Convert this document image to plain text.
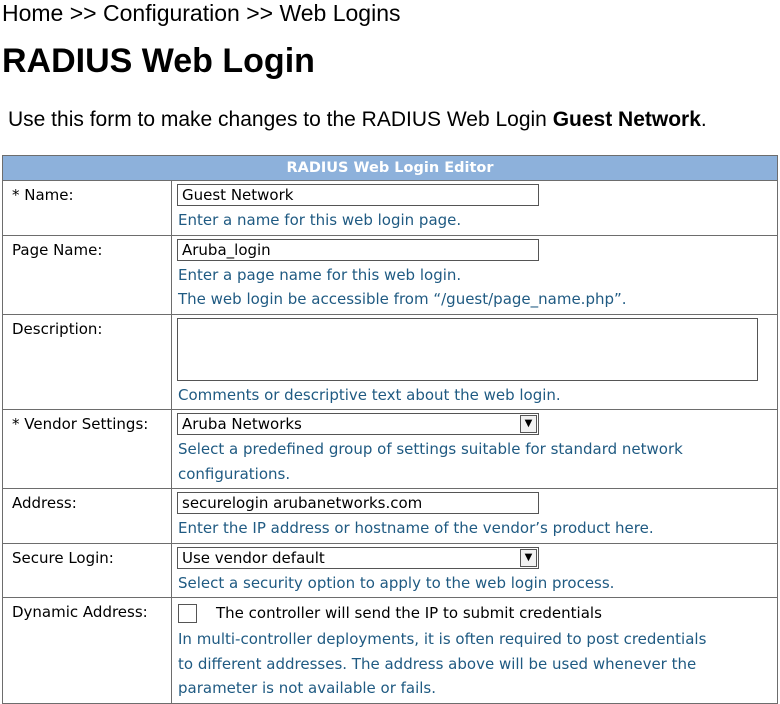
Home >> Configuration >> Web Logins
RADIUS Web Login
Use this form to make changes to the RADIUS Web Login Guest Network.
RADIUS Web Login Editor	
* Name:	
Guest Network
Enter a name for this web login page.

Page Name:	
Aruba_login
Enter a page name for this web login.
The web login be accessible from “/guest/page_name.php”.

Description:	Comments or descriptive text about the web login.

* Vendor Settings:	Aruba Networks ▼
Select a predefined group of settings suitable for standard network
configurations.

Address:	
securelogin arubanetworks.com
Enter the IP address or hostname of the vendor’s product here.

Secure Login:	Use vendor default ▼
Select a security option to apply to the web login process.

Dynamic Address:	The controller will send the IP to submit credentials
In multi-controller deployments, it is often required to post credentials
to different addresses. The address above will be used whenever the
parameter is not available or fails.
